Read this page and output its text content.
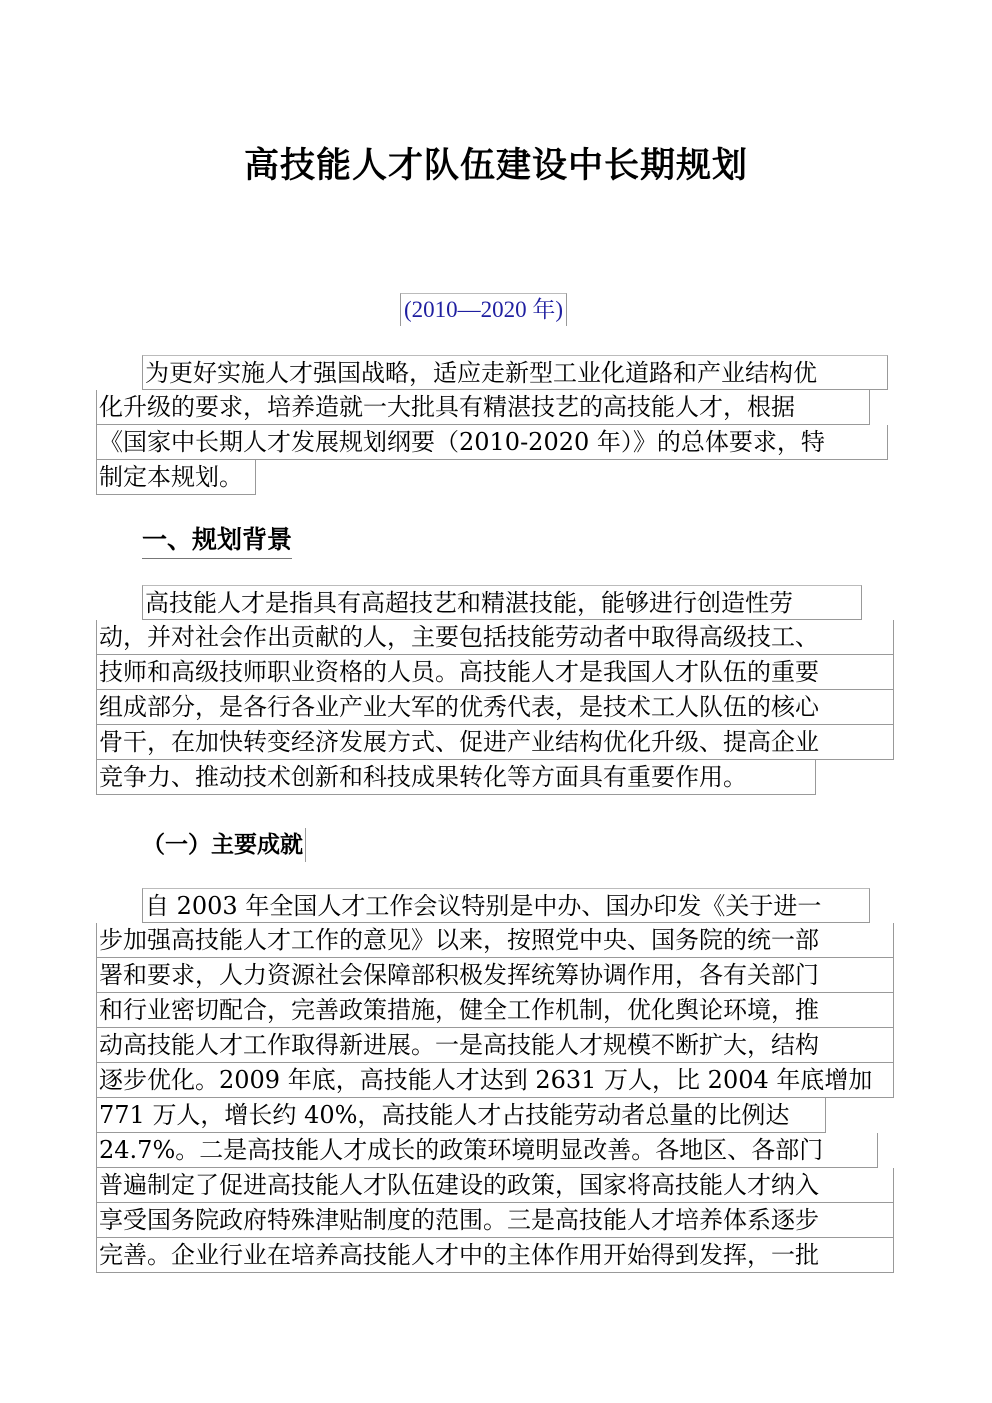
高技能人才队伍建设中长期规划
(2010—2020 年)
为更好实施人才强国战略，适应走新型工业化道路和产业结构优
化升级的要求，培养造就一大批具有精湛技艺的高技能人才，根据
《国家中长期人才发展规划纲要（2010-2020 年）》的总体要求，特
制定本规划。
一、规划背景
高技能人才是指具有高超技艺和精湛技能，能够进行创造性劳
动，并对社会作出贡献的人，主要包括技能劳动者中取得高级技工、
技师和高级技师职业资格的人员。高技能人才是我国人才队伍的重要
组成部分，是各行各业产业大军的优秀代表，是技术工人队伍的核心
骨干，在加快转变经济发展方式、促进产业结构优化升级、提高企业
竞争力、推动技术创新和科技成果转化等方面具有重要作用。
（一）主要成就
自 2003 年全国人才工作会议特别是中办、国办印发《关于进一
步加强高技能人才工作的意见》以来，按照党中央、国务院的统一部
署和要求，人力资源社会保障部积极发挥统筹协调作用，各有关部门
和行业密切配合，完善政策措施，健全工作机制，优化舆论环境，推
动高技能人才工作取得新进展。一是高技能人才规模不断扩大，结构
逐步优化。2009 年底，高技能人才达到 2631 万人，比 2004 年底增加
771 万人，增长约 40%，高技能人才占技能劳动者总量的比例达
24.7%。二是高技能人才成长的政策环境明显改善。各地区、各部门
普遍制定了促进高技能人才队伍建设的政策，国家将高技能人才纳入
享受国务院政府特殊津贴制度的范围。三是高技能人才培养体系逐步
完善。企业行业在培养高技能人才中的主体作用开始得到发挥，一批
